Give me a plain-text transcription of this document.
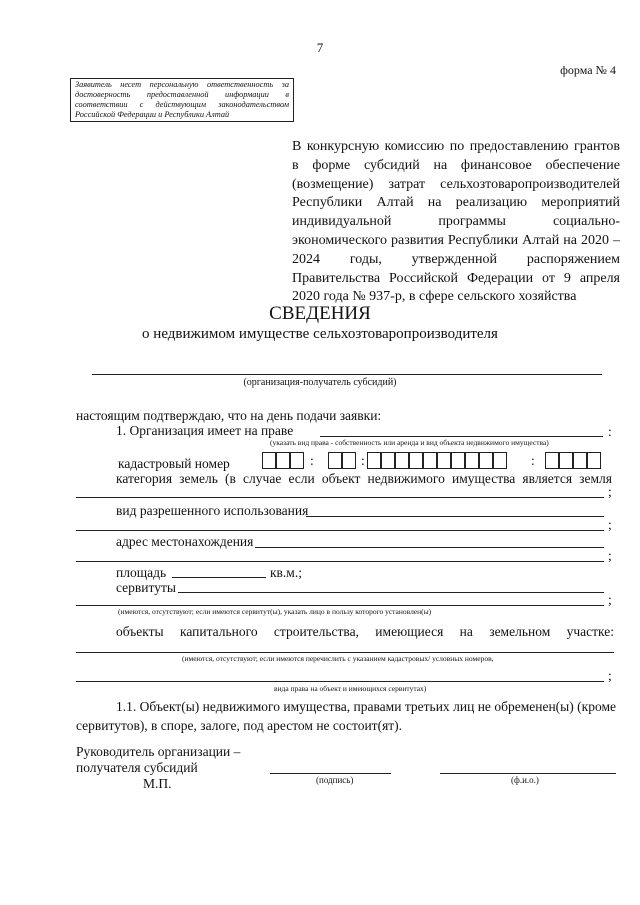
7
форма № 4
Заявитель несет персональную ответственность за достоверность предоставленной информации в соответствии с действующим законодательством Российской Федерации и Республики Алтай
В конкурсную комиссию по предоставлению грантов в форме субсидий на финансовое обеспечение (возмещение) затрат сельхозтоваропроизводителей Республики Алтай на реализацию мероприятий индивидуальной программы социально-экономического развития Республики Алтай на 2020 – 2024 годы, утвержденной распоряжением Правительства Российской Федерации от 9 апреля 2020 года № 937-р, в сфере сельского хозяйства
СВЕДЕНИЯ
о недвижимом имуществе сельхозтоваропроизводителя
(организация-получатель субсидий)
настоящим подтверждаю, что на день подачи заявки:
1. Организация имеет на праве	:
(указать вид права - собственность или аренда и вид объекта недвижимого имущества)
кадастровый номер	:	:	:
категория земель (в случае если объект недвижимого имущества является земля
;
вид разрешенного использования
;
адрес местонахождения
;
площадь	кв.м.;
сервитуты
;
(имеются, отсутствуют; если имеются сервитут(ы), указать лицо в пользу которого установлен(ы)
объекты капитального строительства, имеющиеся на земельном участке:
(имеются, отсутствуют; если имеются перечислить с указанием кадастровых/ условных номеров,
;
вида права на объект и имеющихся сервитутах)
1.1. Объект(ы) недвижимого имущества, правами третьих лиц не обременен(ы) (кроме сервитутов), в споре, залоге, под арестом не состоит(ят).
Руководитель организации –
получателя субсидий
М.П.	(подпись)	(ф.и.о.)
